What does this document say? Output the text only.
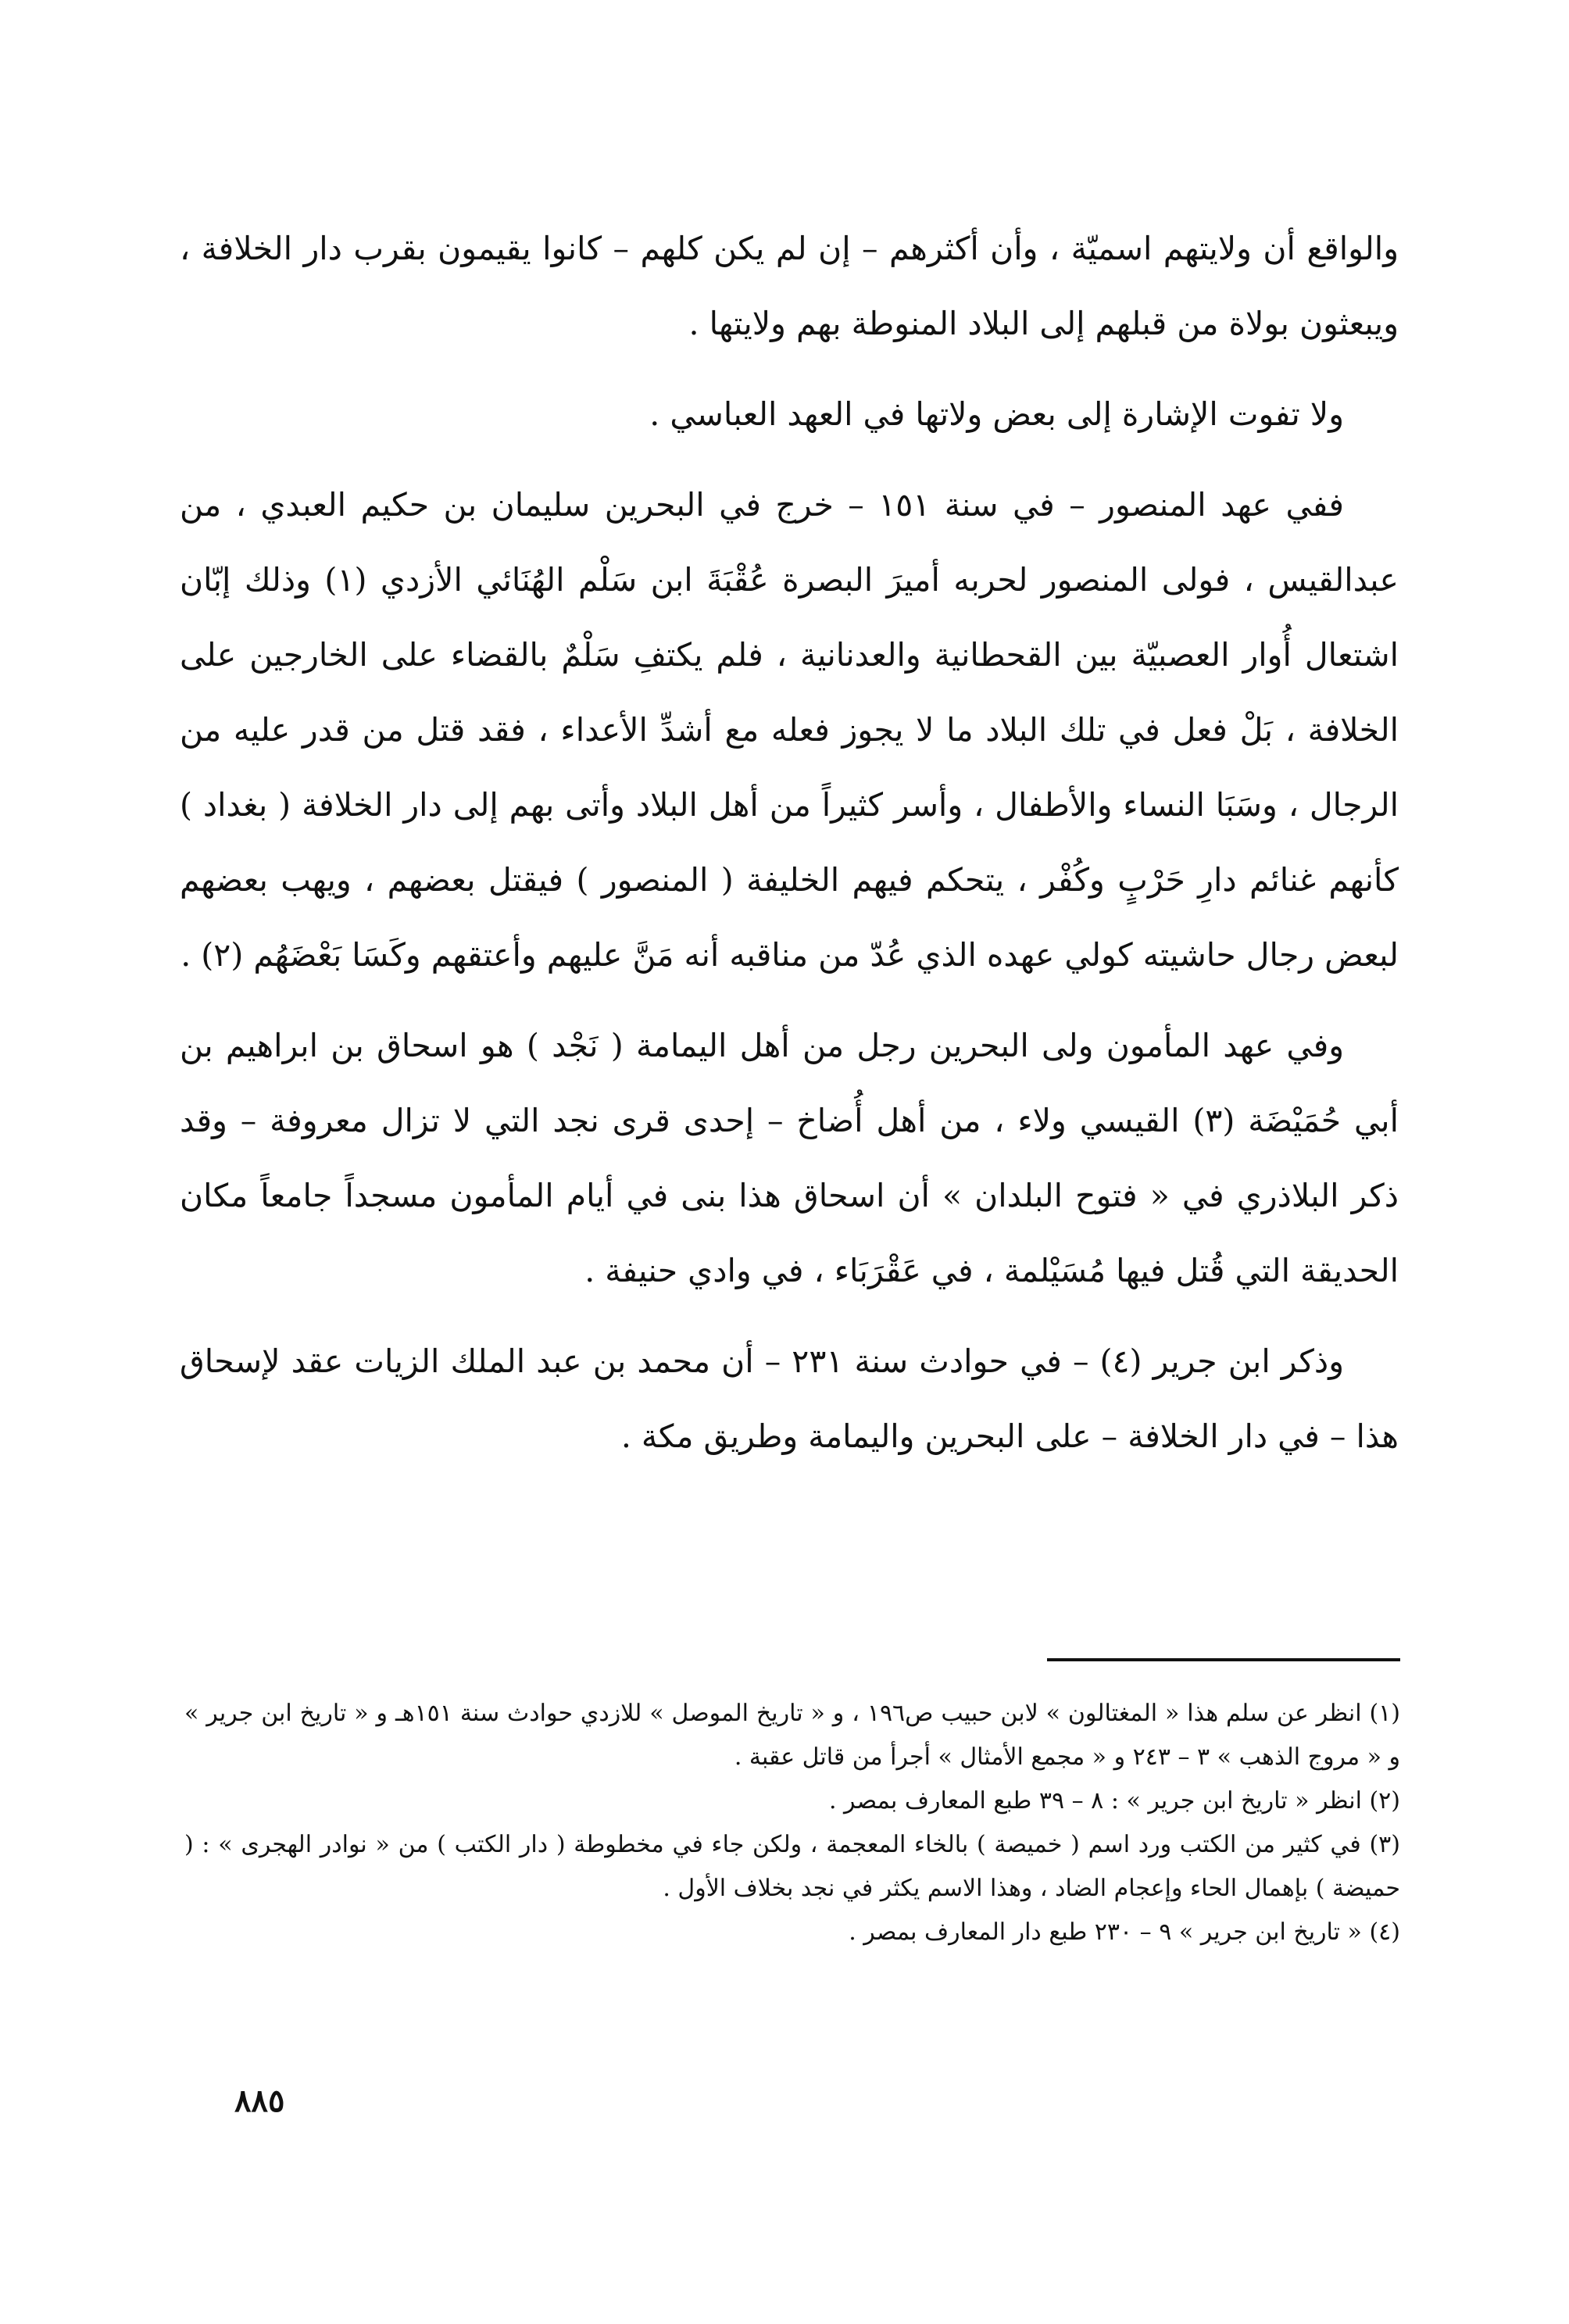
والواقع أن ولايتهم اسميّة ، وأن أكثرهم – إن لم يكن كلهم – كانوا يقيمون بقرب دار الخلافة ، ويبعثون بولاة من قبلهم إلى البلاد المنوطة بهم ولايتها .

ولا تفوت الإشارة إلى بعض ولاتها في العهد العباسي .

ففي عهد المنصور – في سنة ١٥١ – خرج في البحرين سليمان بن حكيم العبدي ، من عبدالقيس ، فولى المنصور لحربه أميرَ البصرة عُقْبَةَ ابن سَلْم الهُنَائي الأزدي (١) وذلك إبّان اشتعال أُوار العصبيّة بين القحطانية والعدنانية ، فلم يكتفِ سَلْمٌ بالقضاء على الخارجين على الخلافة ، بَلْ فعل في تلك البلاد ما لا يجوز فعله مع أشدِّ الأعداء ، فقد قتل من قدر عليه من الرجال ، وسَبَا النساء والأطفال ، وأسر كثيراً من أهل البلاد وأتى بهم إلى دار الخلافة ( بغداد ) كأنهم غنائم دارِ حَرْبٍ وكُفْر ، يتحكم فيهم الخليفة ( المنصور ) فيقتل بعضهم ، ويهب بعضهم لبعض رجال حاشيته كولي عهده الذي عُدّ من مناقبه أنه مَنَّ عليهم وأعتقهم وكَسَا بَعْضَهُم (٢) .

وفي عهد المأمون ولى البحرين رجل من أهل اليمامة ( نَجْد ) هو اسحاق بن ابراهيم بن أبي حُمَيْضَة (٣) القيسي ولاء ، من أهل أُضاخ – إحدى قرى نجد التي لا تزال معروفة – وقد ذكر البلاذري في « فتوح البلدان » أن اسحاق هذا بنى في أيام المأمون مسجداً جامعاً مكان الحديقة التي قُتل فيها مُسَيْلمة ، في عَقْرَبَاء ، في وادي حنيفة .

وذكر ابن جرير (٤) – في حوادث سنة ٢٣١ – أن محمد بن عبد الملك الزيات عقد لإسحاق هذا – في دار الخلافة – على البحرين واليمامة وطريق مكة .

(١) انظر عن سلم هذا « المغتالون » لابن حبيب ص١٩٦ ، و « تاريخ الموصل » للازدي حوادث سنة ١٥١هـ و « تاريخ ابن جرير » و « مروج الذهب » ٣ – ٢٤٣ و « مجمع الأمثال » أجرأ من قاتل عقبة .

(٢) انظر « تاريخ ابن جرير » : ٨ – ٣٩ طبع المعارف بمصر .

(٣) في كثير من الكتب ورد اسم ( خميصة ) بالخاء المعجمة ، ولكن جاء في مخطوطة ( دار الكتب ) من « نوادر الهجرى » : ( حميضة ) بإهمال الحاء وإعجام الضاد ، وهذا الاسم يكثر في نجد بخلاف الأول .

(٤) « تاريخ ابن جرير » ٩ – ٢٣٠ طبع دار المعارف بمصر .

٨٨٥
